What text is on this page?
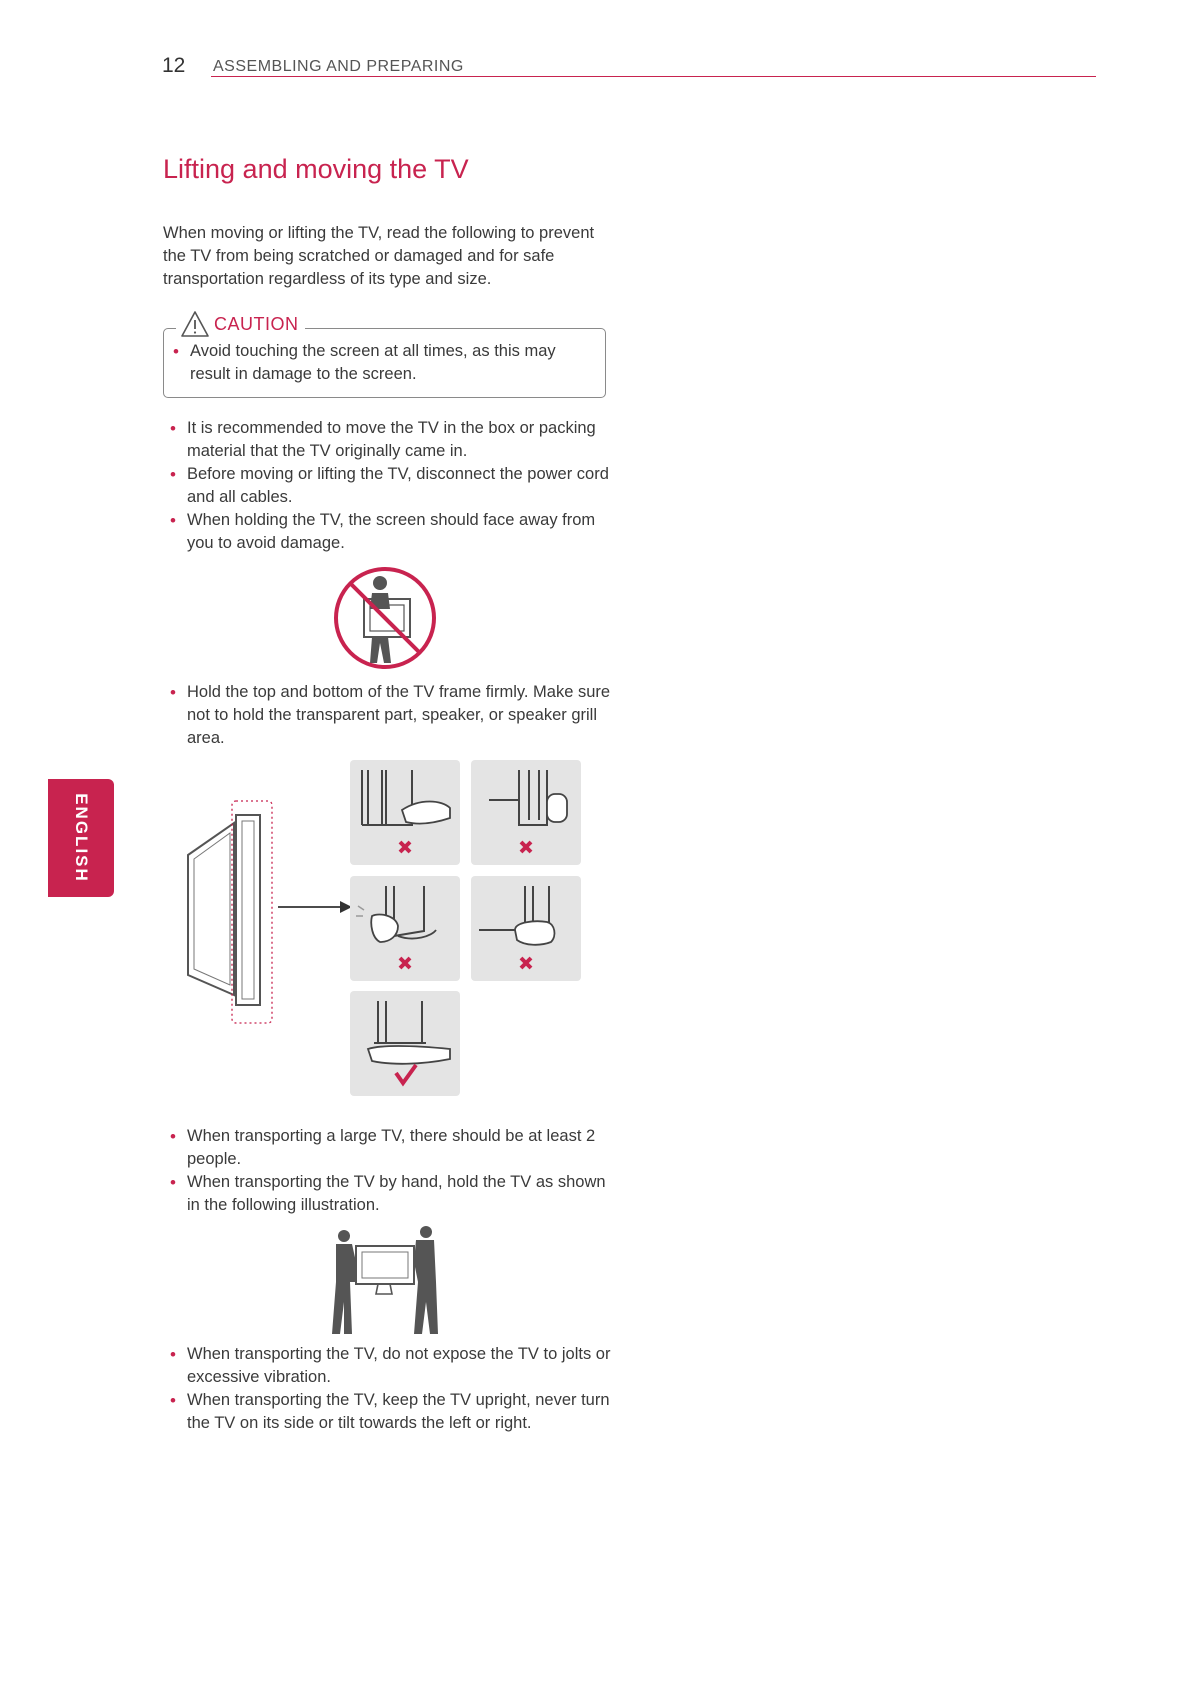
12 ASSEMBLING AND PREPARING
ENGLISH
Lifting and moving the TV

When moving or lifting the TV, read the following to prevent the TV from being scratched or damaged and for safe transportation regardless of its type and size.

CAUTION
• Avoid touching the screen at all times, as this may result in damage to the screen.
• It is recommended to move the TV in the box or packing material that the TV originally came in.
• Before moving or lifting the TV, disconnect the power cord and all cables.
• When holding the TV, the screen should face away from you to avoid damage.
• Hold the top and bottom of the TV frame firmly. Make sure not to hold the transparent part, speaker, or speaker grill area.
• When transporting a large TV, there should be at least 2 people.
• When transporting the TV by hand, hold the TV as shown in the following illustration.
• When transporting the TV, do not expose the TV to jolts or excessive vibration.
• When transporting the TV, keep the TV upright, never turn the TV on its side or tilt towards the left or right.
